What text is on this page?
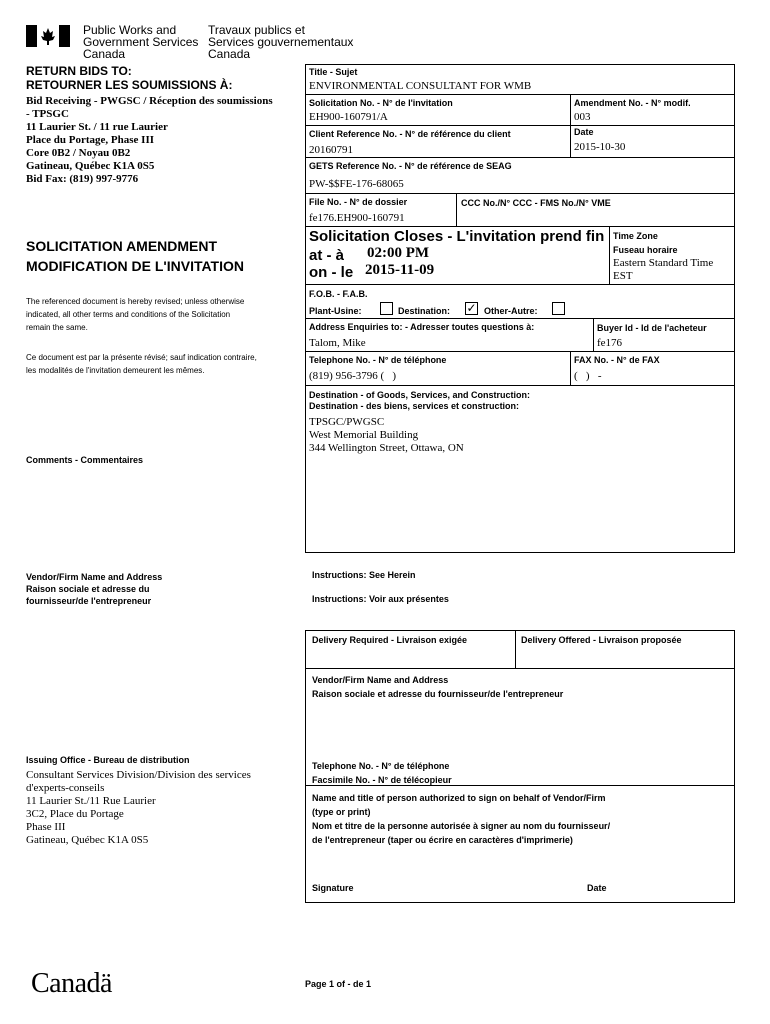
Public Works and
Government Services
Canada
Travaux publics et
Services gouvernementaux
Canada
RETURN BIDS TO:
RETOURNER LES SOUMISSIONS À:
Bid Receiving - PWGSC / Réception des soumissions
- TPSGC
11 Laurier St. / 11 rue Laurier
Place du Portage, Phase III
Core 0B2 / Noyau 0B2
Gatineau, Québec K1A 0S5
Bid Fax: (819) 997-9776
SOLICITATION AMENDMENT
MODIFICATION DE L'INVITATION
The referenced document is hereby revised; unless otherwise
indicated, all other terms and conditions of the Solicitation
remain the same.
Ce document est par la présente révisé; sauf indication contraire,
les modalités de l'invitation demeurent les mêmes.
Comments - Commentaires
Vendor/Firm Name and Address
Raison sociale et adresse du
fournisseur/de l'entrepreneur
Issuing Office - Bureau de distribution
Consultant Services Division/Division des services
d'experts-conseils
11 Laurier St./11 Rue Laurier
3C2, Place du Portage
Phase III
Gatineau, Québec K1A 0S5
Title - Sujet
ENVIRONMENTAL CONSULTANT FOR WMB
Solicitation No. - N° de l'invitation
EH900-160791/A
Amendment No. - N° modif.
003
Client Reference No. - N° de référence du client
20160791
Date
2015-10-30
GETS Reference No. - N° de référence de SEAG
PW-$$FE-176-68065
File No. - N° de dossier
fe176.EH900-160791
CCC No./N° CCC - FMS No./N° VME
Solicitation Closes - L'invitation prend fin
at - à 02:00 PM
on - le 2015-11-09
Time Zone
Fuseau horaire
Eastern Standard Time
EST
F.O.B. - F.A.B.
Plant-Usine:	Destination: ✓ Other-Autre:
Address Enquiries to: - Adresser toutes questions à:
Talom, Mike
Buyer Id - Id de l'acheteur
fe176
Telephone No. - N° de téléphone
(819) 956-3796 (   )
FAX No. - N° de FAX
(   )   -
Destination - of Goods, Services, and Construction:
Destination - des biens, services et construction:
TPSGC/PWGSC
West Memorial Building
344 Wellington Street, Ottawa, ON
Instructions: See Herein
Instructions: Voir aux présentes
Delivery Required - Livraison exigée	Delivery Offered - Livraison proposée
Vendor/Firm Name and Address
Raison sociale et adresse du fournisseur/de l'entrepreneur
Telephone No. - N° de téléphone
Facsimile No. - N° de télécopieur
Name and title of person authorized to sign on behalf of Vendor/Firm
(type or print)
Nom et titre de la personne autorisée à signer au nom du fournisseur/
de l'entrepreneur (taper ou écrire en caractères d'imprimerie)
Signature	Date
Canadä	Page 1 of - de 1
